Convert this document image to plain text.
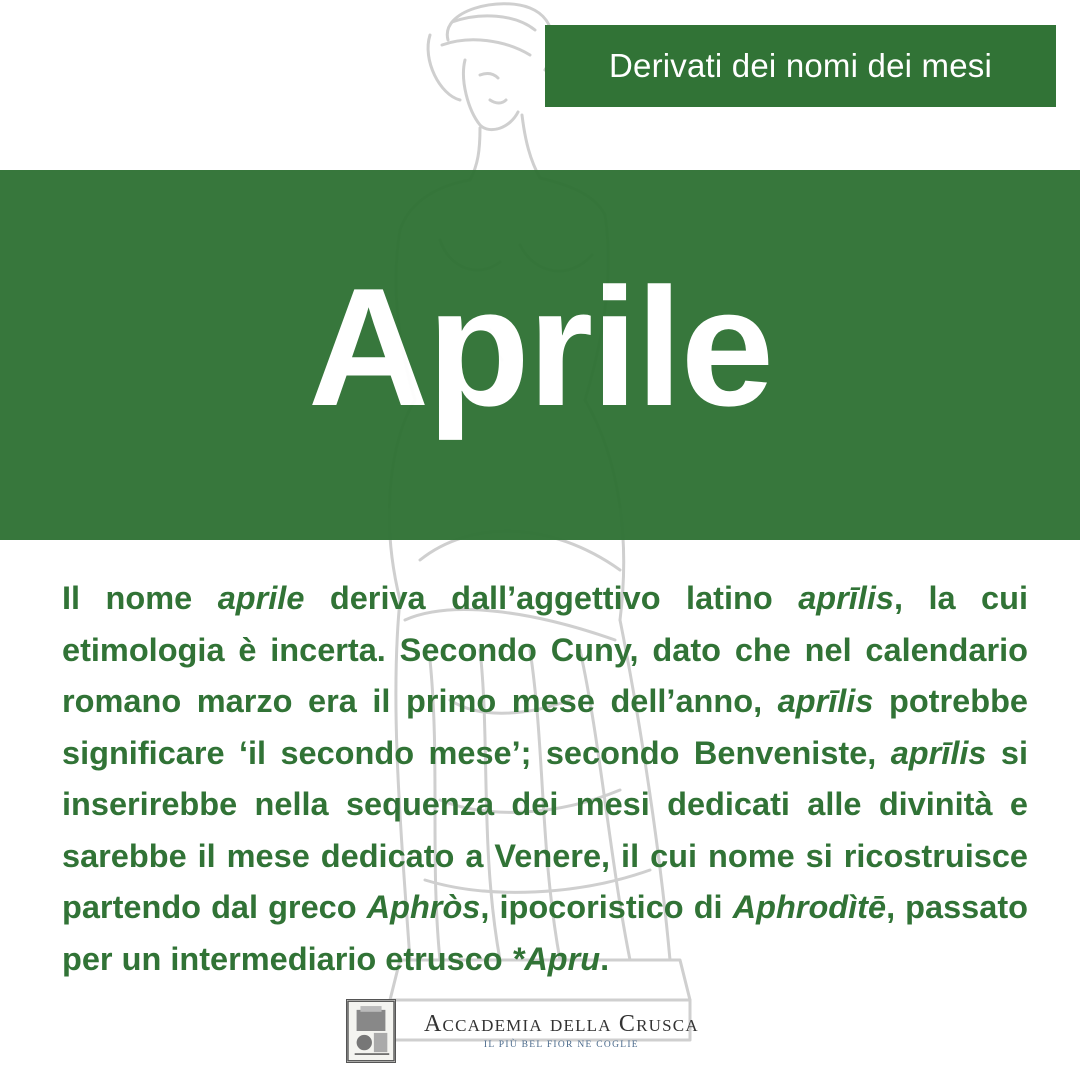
Derivati dei nomi dei mesi
Aprile

Il nome aprile deriva dall’aggettivo latino aprīlis, la cui etimologia è incerta. Secondo Cuny, dato che nel calendario romano marzo era il primo mese dell’anno, aprīlis potrebbe significare ‘il secondo mese’; secondo Benveniste, aprīlis si inserirebbe nella sequenza dei mesi dedicati alle divinità e sarebbe il mese dedicato a Venere, il cui nome si ricostruisce partendo dal greco Aphròs, ipocoristico di Aphrodìtē, passato per un intermediario etrusco *Apru.

Accademia della Crusca
IL PIÙ BEL FIOR NE COGLIE
